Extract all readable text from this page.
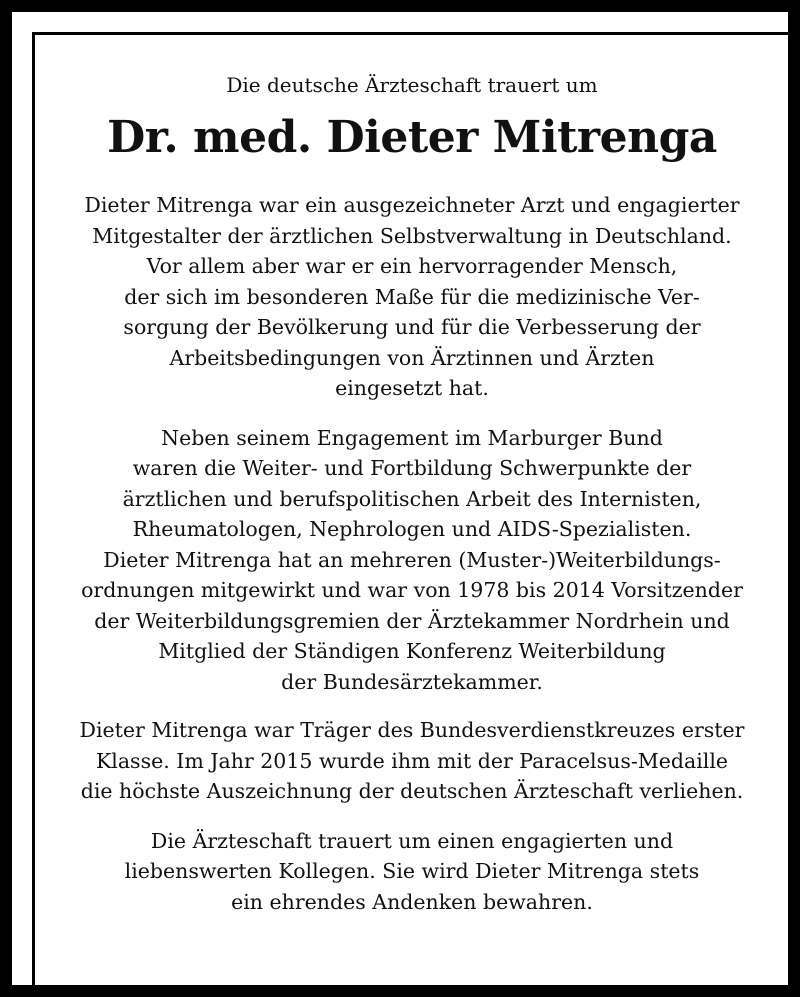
Die deutsche Ärzteschaft trauert um
Dr. med. Dieter Mitrenga
Dieter Mitrenga war ein ausgezeichneter Arzt und engagierter
Mitgestalter der ärztlichen Selbstverwaltung in Deutschland.
Vor allem aber war er ein hervorragender Mensch,
der sich im besonderen Maße für die medizinische Ver-
sorgung der Bevölkerung und für die Verbesserung der
Arbeitsbedingungen von Ärztinnen und Ärzten
eingesetzt hat.
Neben seinem Engagement im Marburger Bund
waren die Weiter- und Fortbildung Schwerpunkte der
ärztlichen und berufspolitischen Arbeit des Internisten,
Rheumatologen, Nephrologen und AIDS-Spezialisten.
Dieter Mitrenga hat an mehreren (Muster-)Weiterbildungs-
ordnungen mitgewirkt und war von 1978 bis 2014 Vorsitzender
der Weiterbildungsgremien der Ärztekammer Nordrhein und
Mitglied der Ständigen Konferenz Weiterbildung
der Bundesärztekammer.
Dieter Mitrenga war Träger des Bundesverdienstkreuzes erster
Klasse. Im Jahr 2015 wurde ihm mit der Paracelsus-Medaille
die höchste Auszeichnung der deutschen Ärzteschaft verliehen.
Die Ärzteschaft trauert um einen engagierten und
liebenswerten Kollegen. Sie wird Dieter Mitrenga stets
ein ehrendes Andenken bewahren.
